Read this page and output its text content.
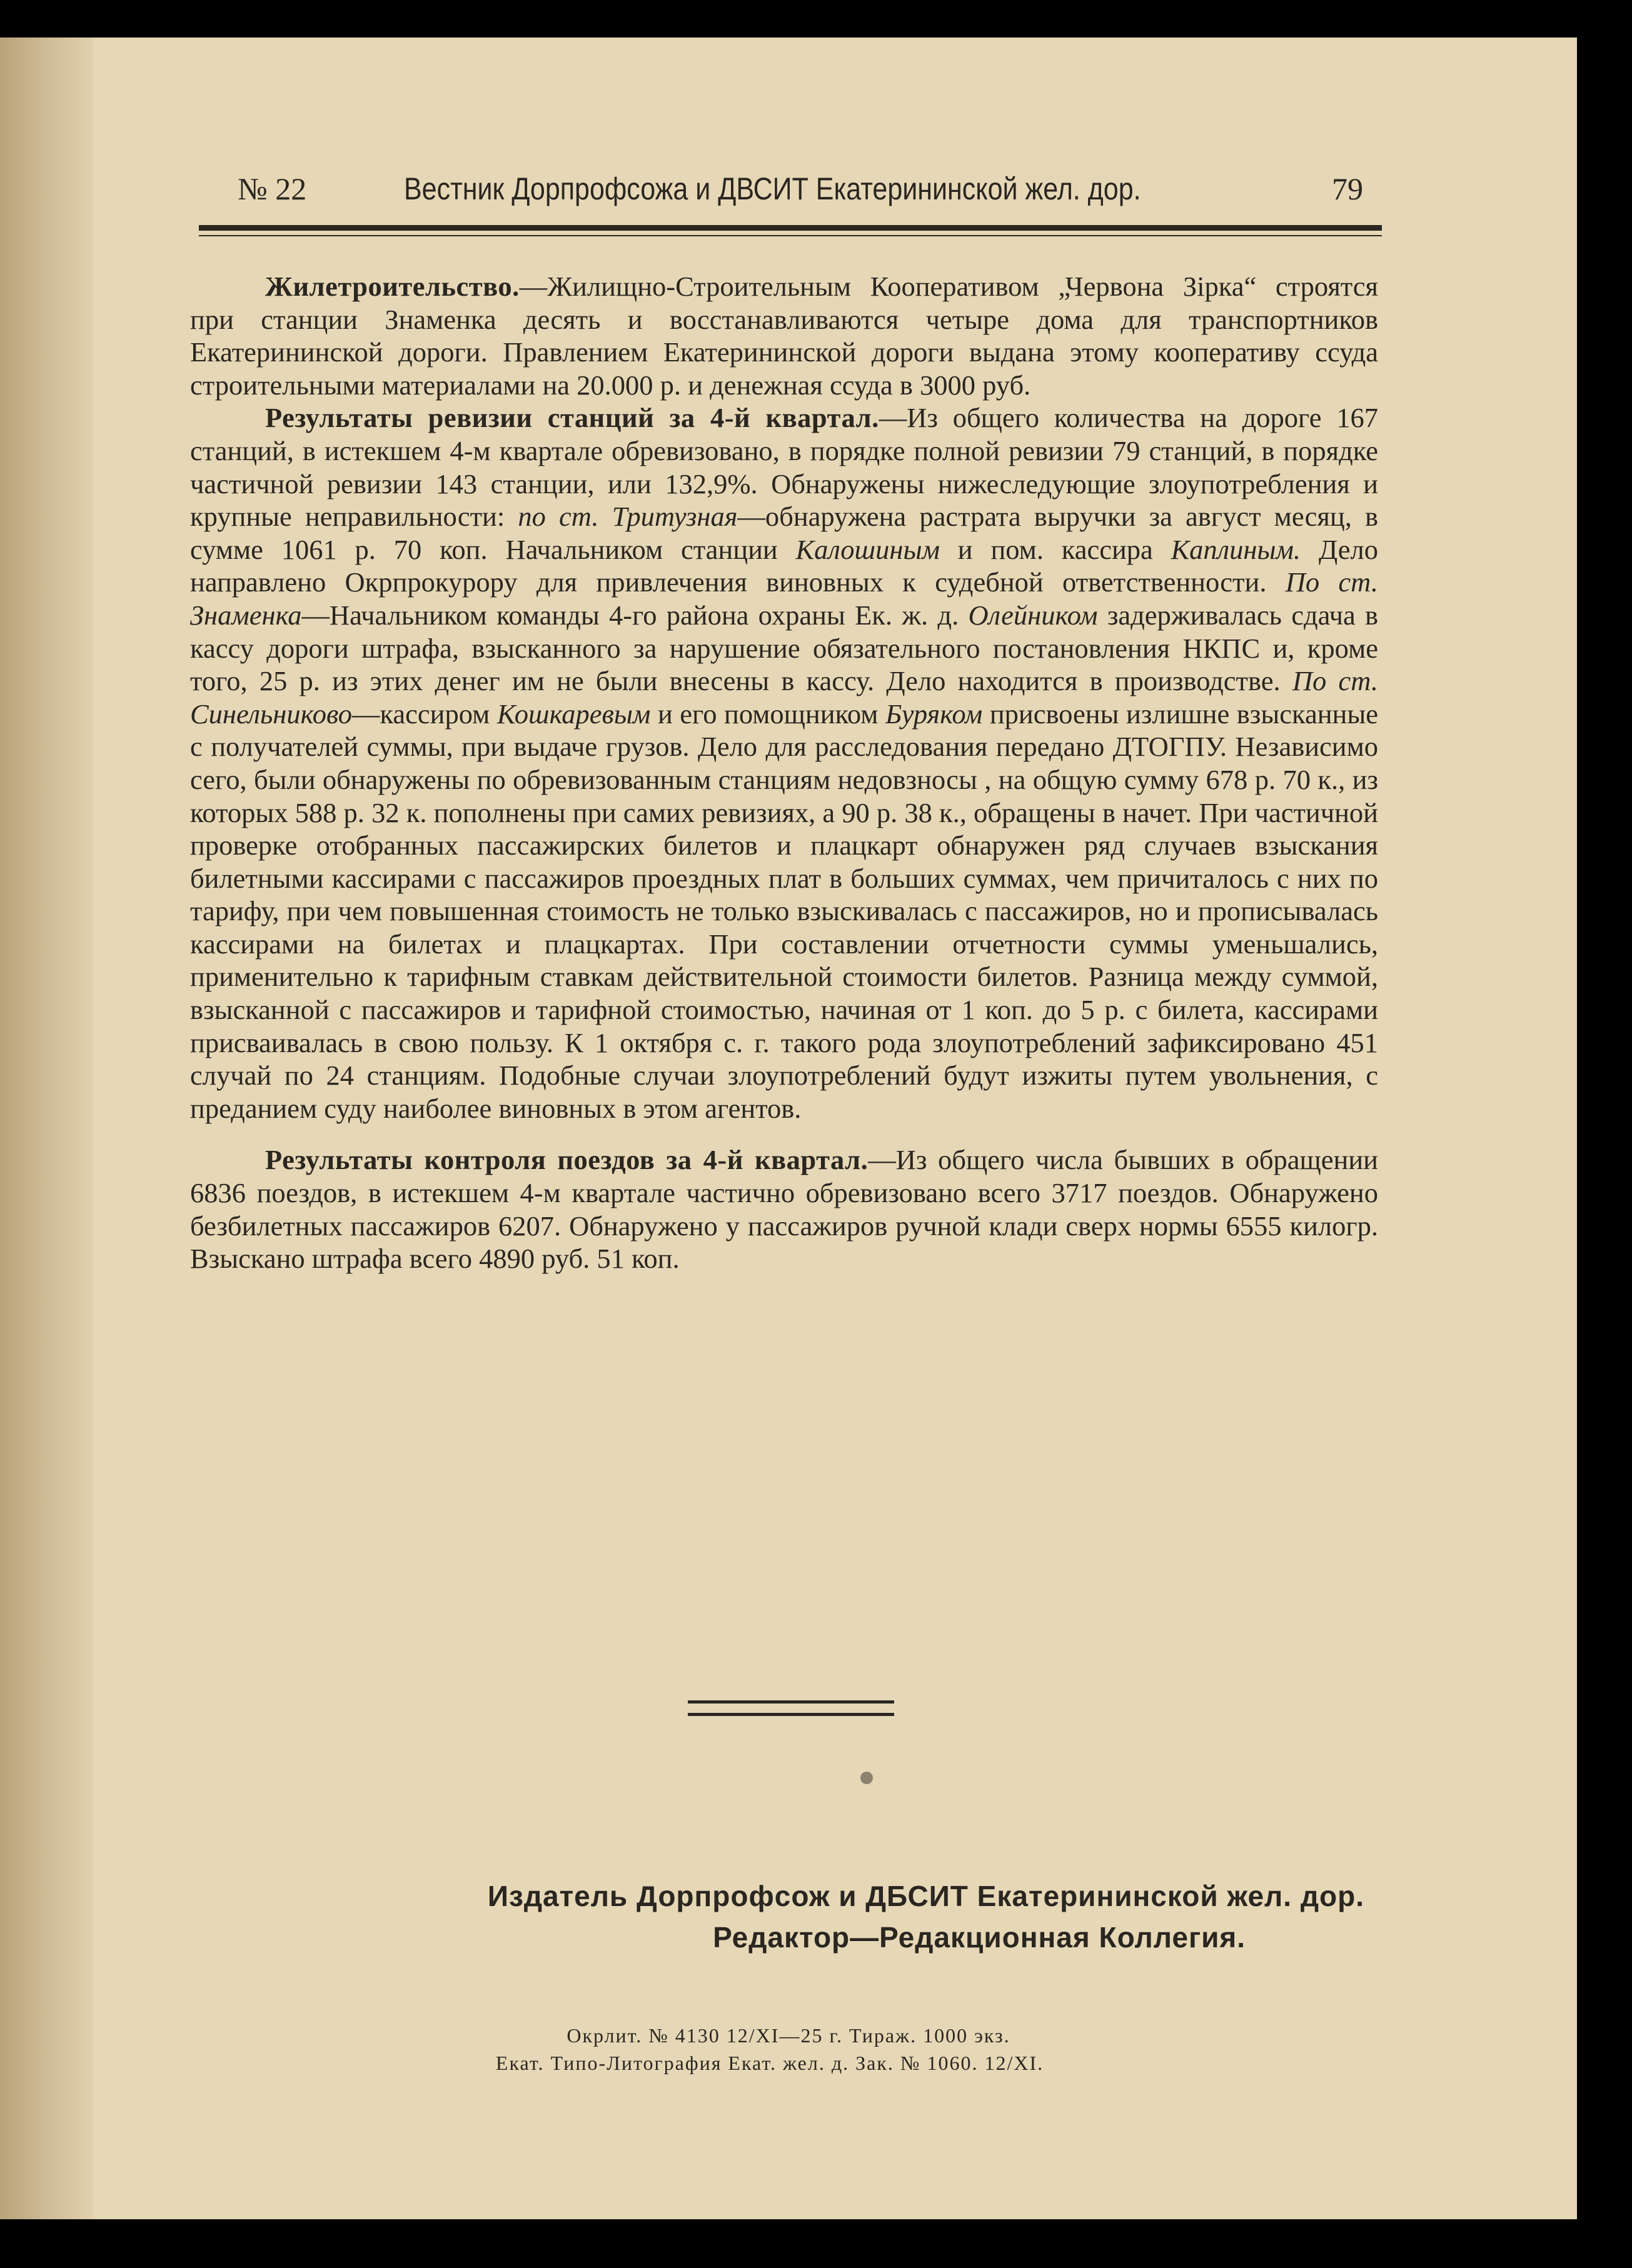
№ 22	Вестник Дорпрофсожа и ДВСИТ Екатерининской жел. дор.	79

Жилетроительство.—Жилищно-Строительным Кооперативом „Червона Зірка“ строятся при станции Знаменка десять и восстанавливаются четыре дома для транспортников Екатерининской дороги. Правлением Екатерининской дороги выдана этому кооперативу ссуда строительными материалами на 20.000 р. и денежная ссуда в 3000 руб.

Результаты ревизии станций за 4-й квартал.—Из общего количества на дороге 167 станций, в истекшем 4-м квартале обревизовано, в порядке полной ревизии 79 станций, в порядке частичной ревизии 143 станции, или 132,9%. Обнаружены нижеследующие злоупотребления и крупные неправильности: по ст. Тритузная—обнаружена растрата выручки за август месяц, в сумме 1061 р. 70 коп. Начальником станции Калошиным и пом. кассира Каплиным. Дело направлено Окрпрокурору для привлечения виновных к судебной ответственности. По ст. Знаменка—Начальником команды 4-го района охраны Ек. ж. д. Олейником задерживалась сдача в кассу дороги штрафа, взысканного за нарушение обязательного постановления НКПС и, кроме того, 25 р. из этих денег им не были внесены в кассу. Дело находится в производстве. По ст. Синельниково—кассиром Кошкаревым и его помощником Буряком присвоены излишне взысканные с получателей суммы, при выдаче грузов. Дело для расследования передано ДТОГПУ. Независимо сего, были обнаружены по обревизованным станциям недовзносы , на общую сумму 678 р. 70 к., из которых 588 р. 32 к. пополнены при самих ревизиях, а 90 р. 38 к., обращены в начет. При частичной проверке отобранных пассажирских билетов и плацкарт обнаружен ряд случаев взыскания билетными кассирами с пассажиров проездных плат в больших суммах, чем причиталось с них по тарифу, при чем повышенная стоимость не только взыскивалась с пассажиров, но и прописывалась кассирами на билетах и плацкартах. При составлении отчетности суммы уменьшались, применительно к тарифным ставкам действительной стоимости билетов. Разница между суммой, взысканной с пассажиров и тарифной стоимостью, начиная от 1 коп. до 5 р. с билета, кассирами присваивалась в свою пользу. К 1 октября с. г. такого рода злоупотреблений зафиксировано 451 случай по 24 станциям. Подобные случаи злоупотреблений будут изжиты путем увольнения, с преданием суду наиболее виновных в этом агентов.

Результаты контроля поездов за 4-й квартал.—Из общего числа бывших в обращении 6836 поездов, в истекшем 4-м квартале частично обревизовано всего 3717 поездов. Обнаружено безбилетных пассажиров 6207. Обнаружено у пассажиров ручной клади сверх нормы 6555 килогр. Взыскано штрафа всего 4890 руб. 51 коп.

Издатель Дорпрофсож и ДБСИТ Екатерининской жел. дор.
Редактор—Редакционная Коллегия.
Окрлит. № 4130 12/XI—25 г. Тираж. 1000 экз.
Екат. Типо-Литография Екат. жел. д. Зак. № 1060. 12/XI.
